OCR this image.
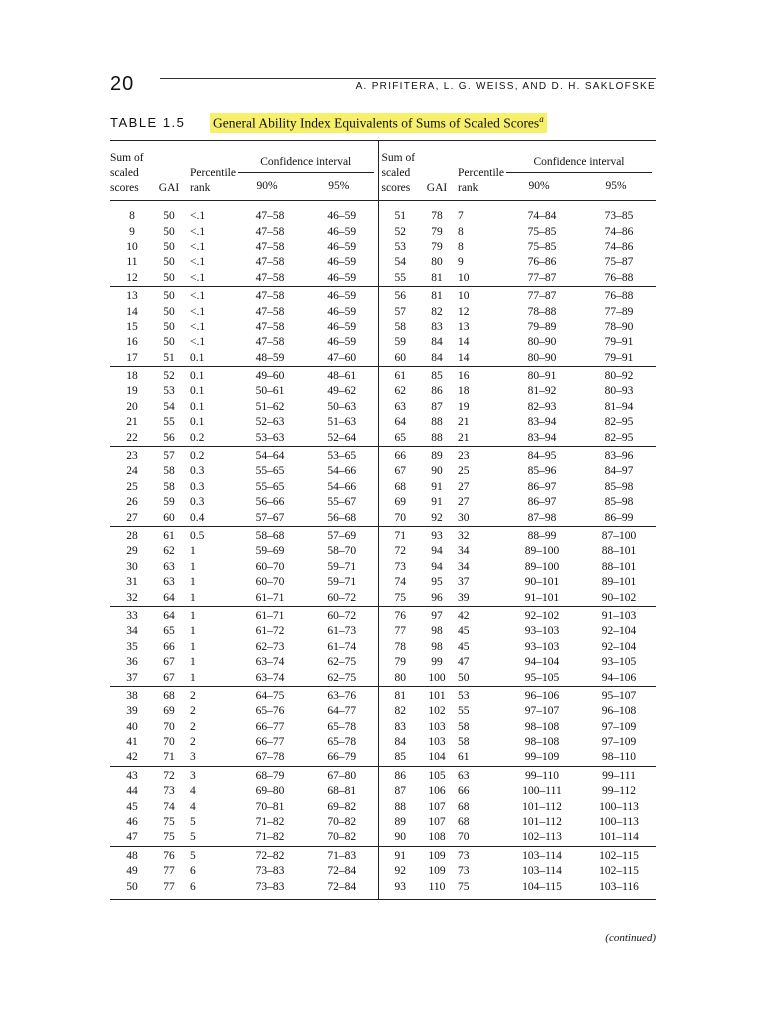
20	A. PRIFITERA, L. G. WEISS, AND D. H. SAKLOFSKE
TABLE 1.5 General Ability Index Equivalents of Sums of Scaled Scores$^a$

Sum of
scaled
scores	GAI	Percentile
rank	Confidence interval		Sum of
scaled
scores	GAI	Percentile
rank	Confidence interval	

			90%	95%				90%	95%

8	50	<.1	47–58	46–59	51	78	7	74–84	73–85
9	50	<.1	47–58	46–59	52	79	8	75–85	74–86
10	50	<.1	47–58	46–59	53	79	8	75–85	74–86
11	50	<.1	47–58	46–59	54	80	9	76–86	75–87
12	50	<.1	47–58	46–59	55	81	10	77–87	76–88
13	50	<.1	47–58	46–59	56	81	10	77–87	76–88
14	50	<.1	47–58	46–59	57	82	12	78–88	77–89
15	50	<.1	47–58	46–59	58	83	13	79–89	78–90
16	50	<.1	47–58	46–59	59	84	14	80–90	79–91
17	51	0.1	48–59	47–60	60	84	14	80–90	79–91
18	52	0.1	49–60	48–61	61	85	16	80–91	80–92
19	53	0.1	50–61	49–62	62	86	18	81–92	80–93
20	54	0.1	51–62	50–63	63	87	19	82–93	81–94
21	55	0.1	52–63	51–63	64	88	21	83–94	82–95
22	56	0.2	53–63	52–64	65	88	21	83–94	82–95
23	57	0.2	54–64	53–65	66	89	23	84–95	83–96
24	58	0.3	55–65	54–66	67	90	25	85–96	84–97
25	58	0.3	55–65	54–66	68	91	27	86–97	85–98
26	59	0.3	56–66	55–67	69	91	27	86–97	85–98
27	60	0.4	57–67	56–68	70	92	30	87–98	86–99
28	61	0.5	58–68	57–69	71	93	32	88–99	87–100
29	62	1	59–69	58–70	72	94	34	89–100	88–101
30	63	1	60–70	59–71	73	94	34	89–100	88–101
31	63	1	60–70	59–71	74	95	37	90–101	89–101
32	64	1	61–71	60–72	75	96	39	91–101	90–102
33	64	1	61–71	60–72	76	97	42	92–102	91–103
34	65	1	61–72	61–73	77	98	45	93–103	92–104
35	66	1	62–73	61–74	78	98	45	93–103	92–104
36	67	1	63–74	62–75	79	99	47	94–104	93–105
37	67	1	63–74	62–75	80	100	50	95–105	94–106
38	68	2	64–75	63–76	81	101	53	96–106	95–107
39	69	2	65–76	64–77	82	102	55	97–107	96–108
40	70	2	66–77	65–78	83	103	58	98–108	97–109
41	70	2	66–77	65–78	84	103	58	98–108	97–109
42	71	3	67–78	66–79	85	104	61	99–109	98–110
43	72	3	68–79	67–80	86	105	63	99–110	99–111
44	73	4	69–80	68–81	87	106	66	100–111	99–112
45	74	4	70–81	69–82	88	107	68	101–112	100–113
46	75	5	71–82	70–82	89	107	68	101–112	100–113
47	75	5	71–82	70–82	90	108	70	102–113	101–114
48	76	5	72–82	71–83	91	109	73	103–114	102–115
49	77	6	73–83	72–84	92	109	73	103–114	102–115
50	77	6	73–83	72–84	93	110	75	104–115	103–116
(continued)
